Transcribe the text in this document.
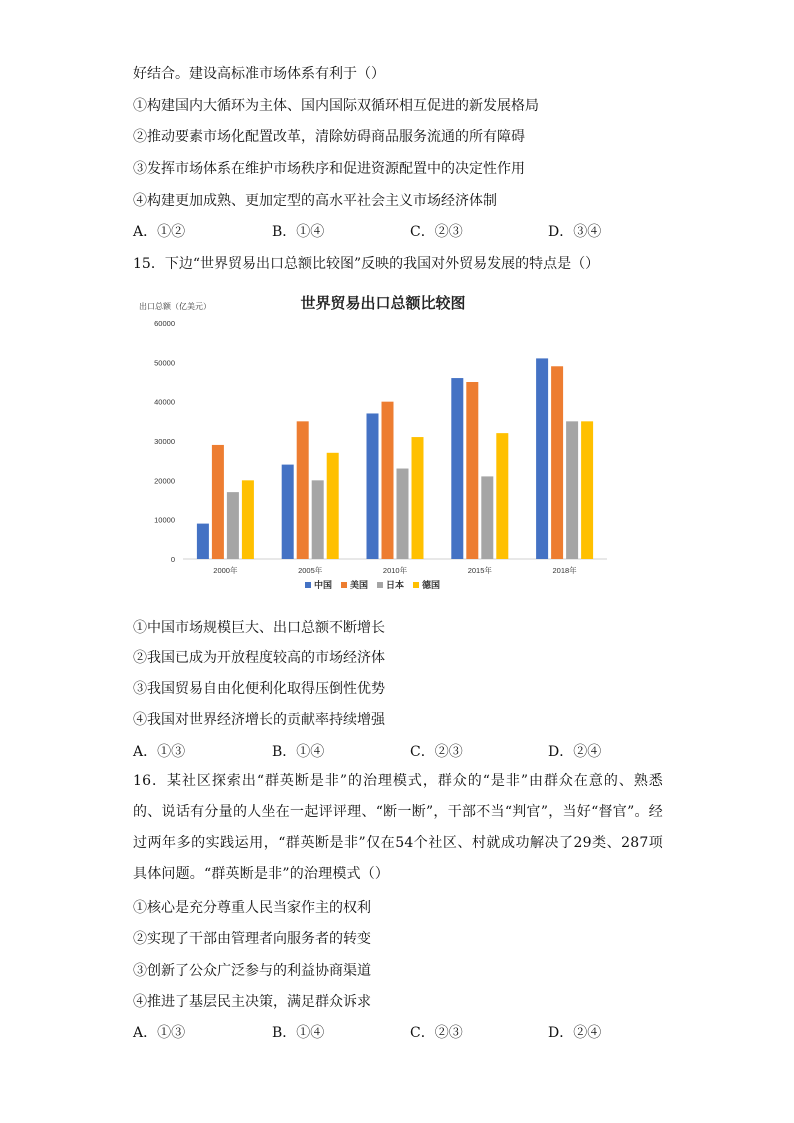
好结合。建设高标准市场体系有利于（）
①构建国内大循环为主体、国内国际双循环相互促进的新发展格局
②推动要素市场化配置改革，清除妨碍商品服务流通的所有障碍
③发挥市场体系在维护市场秩序和促进资源配置中的决定性作用
④构建更加成熟、更加定型的高水平社会主义市场经济体制
A．①②	B．①④	C．②③	D．③④
15．下边“世界贸易出口总额比较图”反映的我国对外贸易发展的特点是（）
出口总额（亿美元）	世界贸易出口总额比较图
0
10000
20000
30000
40000
50000
60000
2000年	2005年	2010年	2015年	2018年
中国 美国 日本 德国
①中国市场规模巨大、出口总额不断增长
②我国已成为开放程度较高的市场经济体
③我国贸易自由化便利化取得压倒性优势
④我国对世界经济增长的贡献率持续增强
A．①③	B．①④	C．②③	D．②④
16．某社区探索出“群英断是非”的治理模式，群众的“是非”由群众在意的、熟悉的、说话有分量的人坐在一起评评理、“断一断”，干部不当“判官”，当好“督官”。经过两年多的实践运用，“群英断是非”仅在54个社区、村就成功解决了29类、287项具体问题。“群英断是非”的治理模式（）
①核心是充分尊重人民当家作主的权利
②实现了干部由管理者向服务者的转变
③创新了公众广泛参与的利益协商渠道
④推进了基层民主决策，满足群众诉求
A．①③	B．①④	C．②③	D．②④
